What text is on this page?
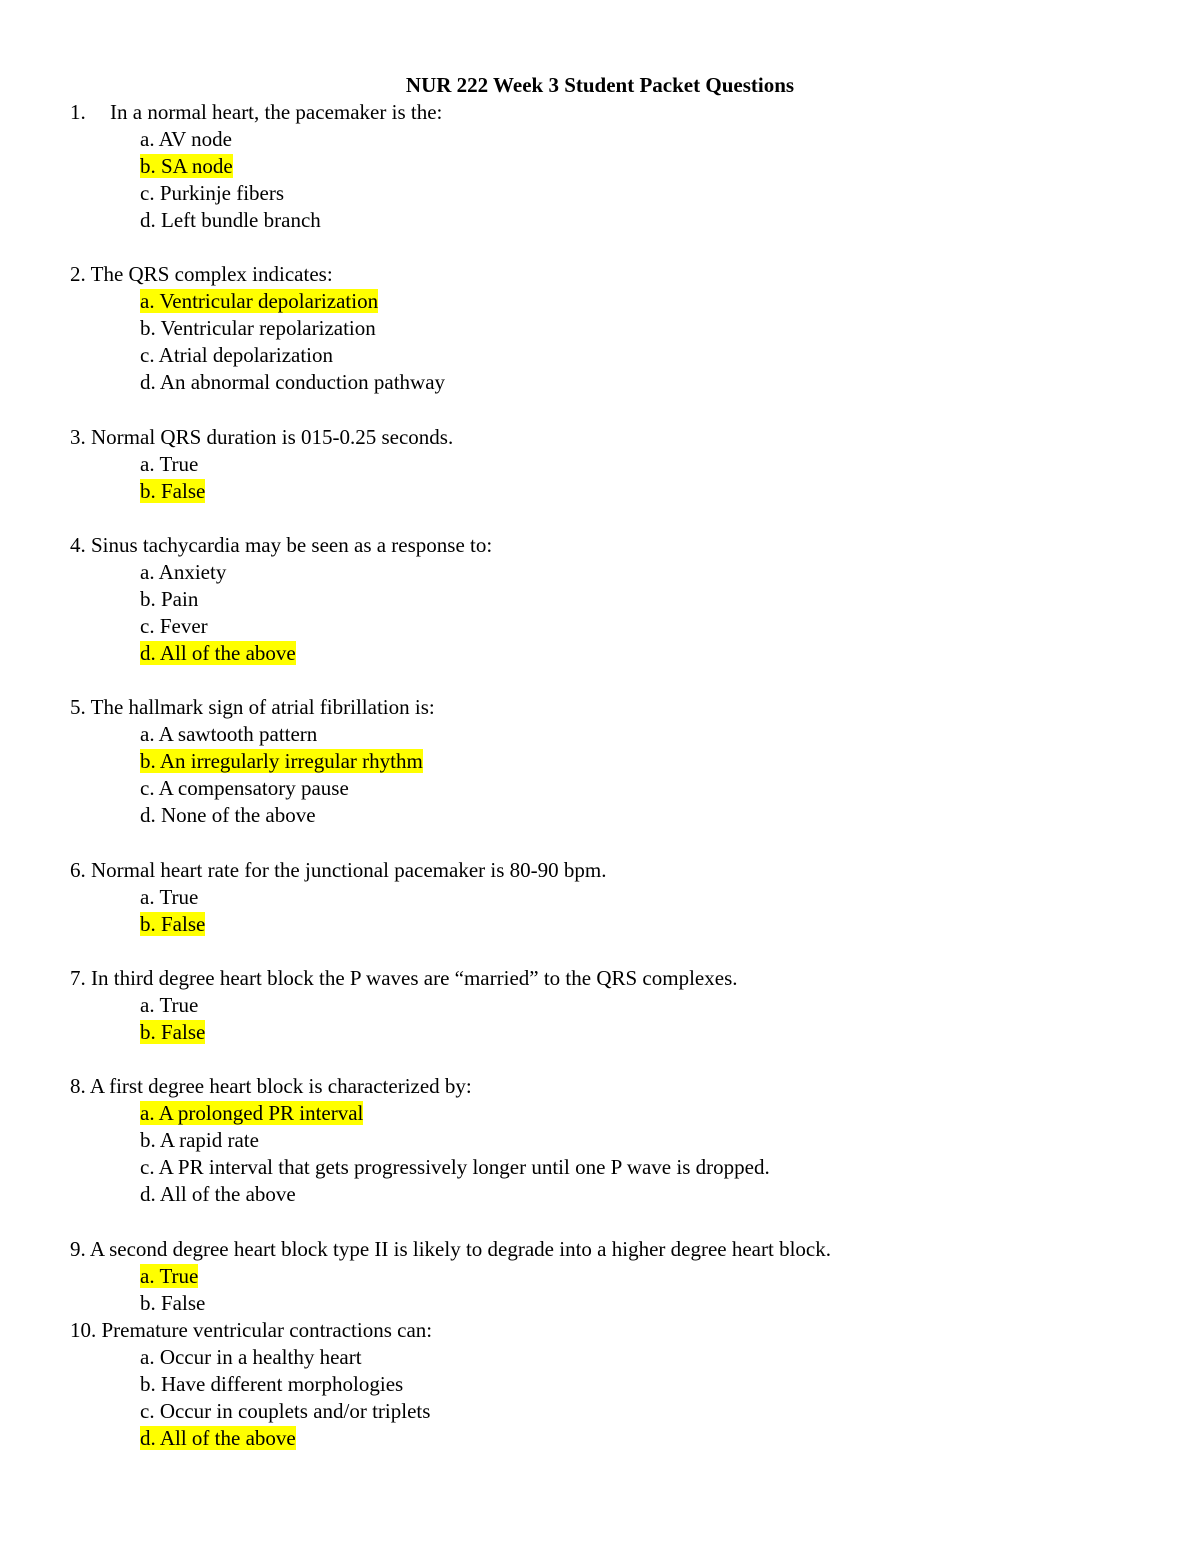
NUR 222 Week 3 Student Packet Questions
1. In a normal heart, the pacemaker is the:
a. AV node
b. SA node
c. Purkinje fibers
d. Left bundle branch
2. The QRS complex indicates:
a. Ventricular depolarization
b. Ventricular repolarization
c. Atrial depolarization
d. An abnormal conduction pathway
3. Normal QRS duration is 015-0.25 seconds.
a. True
b. False
4. Sinus tachycardia may be seen as a response to:
a. Anxiety
b. Pain
c. Fever
d. All of the above
5. The hallmark sign of atrial fibrillation is:
a. A sawtooth pattern
b. An irregularly irregular rhythm
c. A compensatory pause
d. None of the above
6. Normal heart rate for the junctional pacemaker is 80-90 bpm.
a. True
b. False
7. In third degree heart block the P waves are “married” to the QRS complexes.
a. True
b. False
8. A first degree heart block is characterized by:
a. A prolonged PR interval
b. A rapid rate
c. A PR interval that gets progressively longer until one P wave is dropped.
d. All of the above
9. A second degree heart block type II is likely to degrade into a higher degree heart block.
a. True
b. False
10. Premature ventricular contractions can:
a. Occur in a healthy heart
b. Have different morphologies
c. Occur in couplets and/or triplets
d. All of the above
